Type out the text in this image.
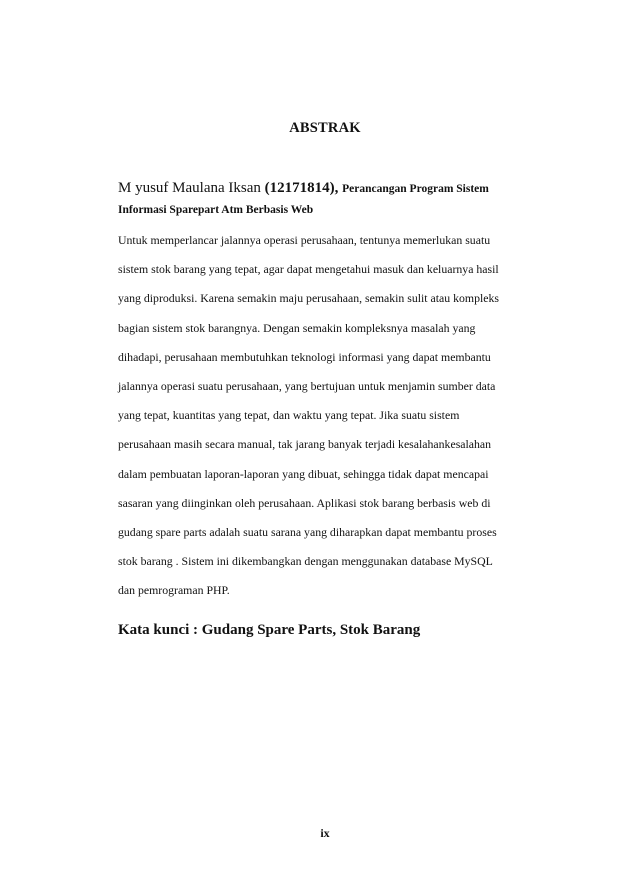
ABSTRAK
M yusuf Maulana Iksan (12171814), Perancangan Program Sistem
Informasi Sparepart Atm Berbasis Web
Untuk memperlancar jalannya operasi perusahaan, tentunya memerlukan suatu
sistem stok barang yang tepat, agar dapat mengetahui masuk dan keluarnya hasil
yang diproduksi. Karena semakin maju perusahaan, semakin sulit atau kompleks
bagian sistem stok barangnya. Dengan semakin kompleksnya masalah yang
dihadapi, perusahaan membutuhkan teknologi informasi yang dapat membantu
jalannya operasi suatu perusahaan, yang bertujuan untuk menjamin sumber data
yang tepat, kuantitas yang tepat, dan waktu yang tepat. Jika suatu sistem
perusahaan masih secara manual, tak jarang banyak terjadi kesalahankesalahan
dalam pembuatan laporan-laporan yang dibuat, sehingga tidak dapat mencapai
sasaran yang diinginkan oleh perusahaan. Aplikasi stok barang berbasis web di
gudang spare parts adalah suatu sarana yang diharapkan dapat membantu proses
stok barang . Sistem ini dikembangkan dengan menggunakan database MySQL
dan pemrograman PHP.
Kata kunci : Gudang Spare Parts, Stok Barang
ix
